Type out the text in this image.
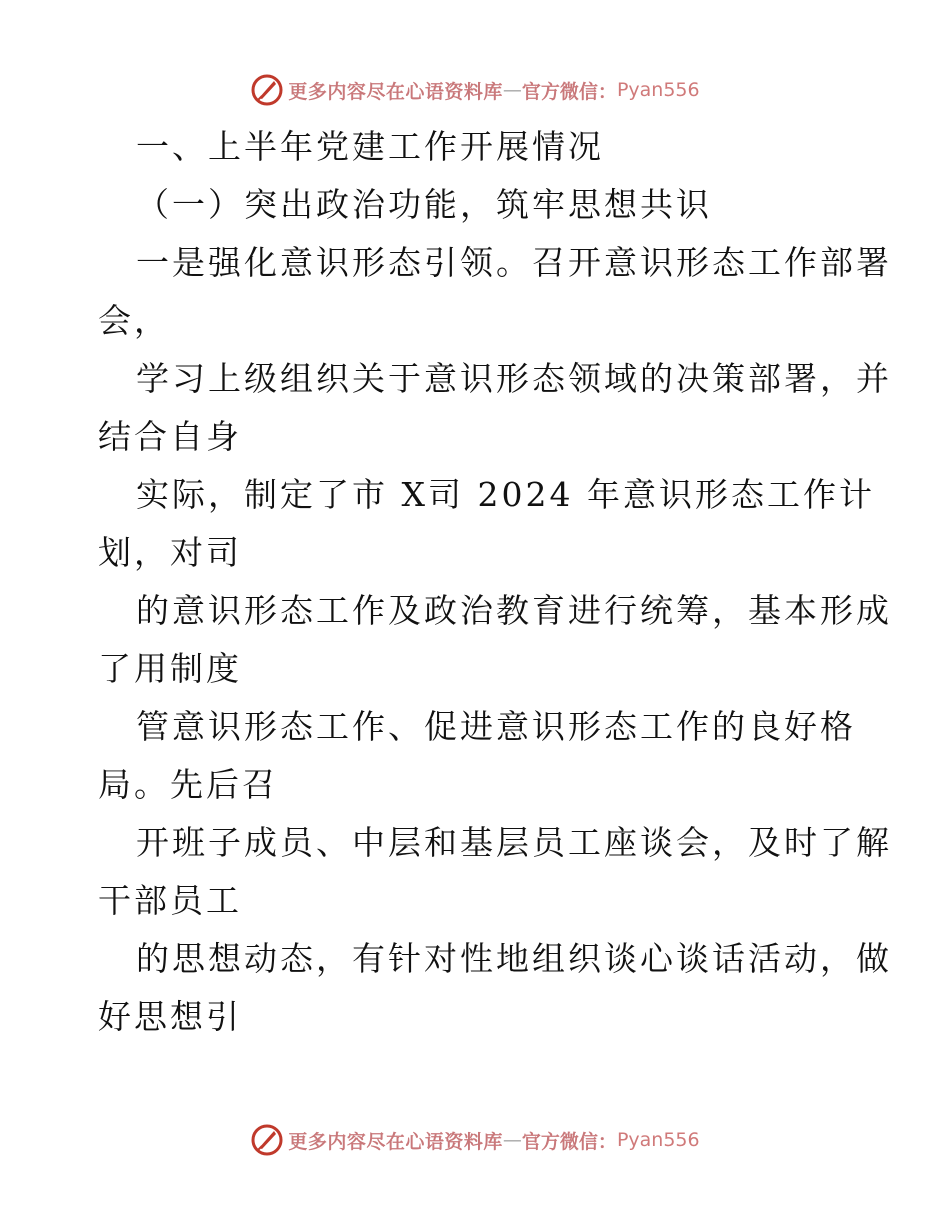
更多内容尽在心语资料库 — 官方微信： Pyan556
一、上半年党建工作开展情况
（一）突出政治功能，筑牢思想共识
一是强化意识形态引领。召开意识形态工作部署
会，
学习上级组织关于意识形态领域的决策部署，并
结合自身
实际，制定了市 X司 2024 年意识形态工作计
划，对司
的意识形态工作及政治教育进行统筹，基本形成
了用制度
管意识形态工作、促进意识形态工作的良好格
局。先后召
开班子成员、中层和基层员工座谈会，及时了解
干部员工
的思想动态，有针对性地组织谈心谈话活动，做
好思想引
更多内容尽在心语资料库 — 官方微信： Pyan556
